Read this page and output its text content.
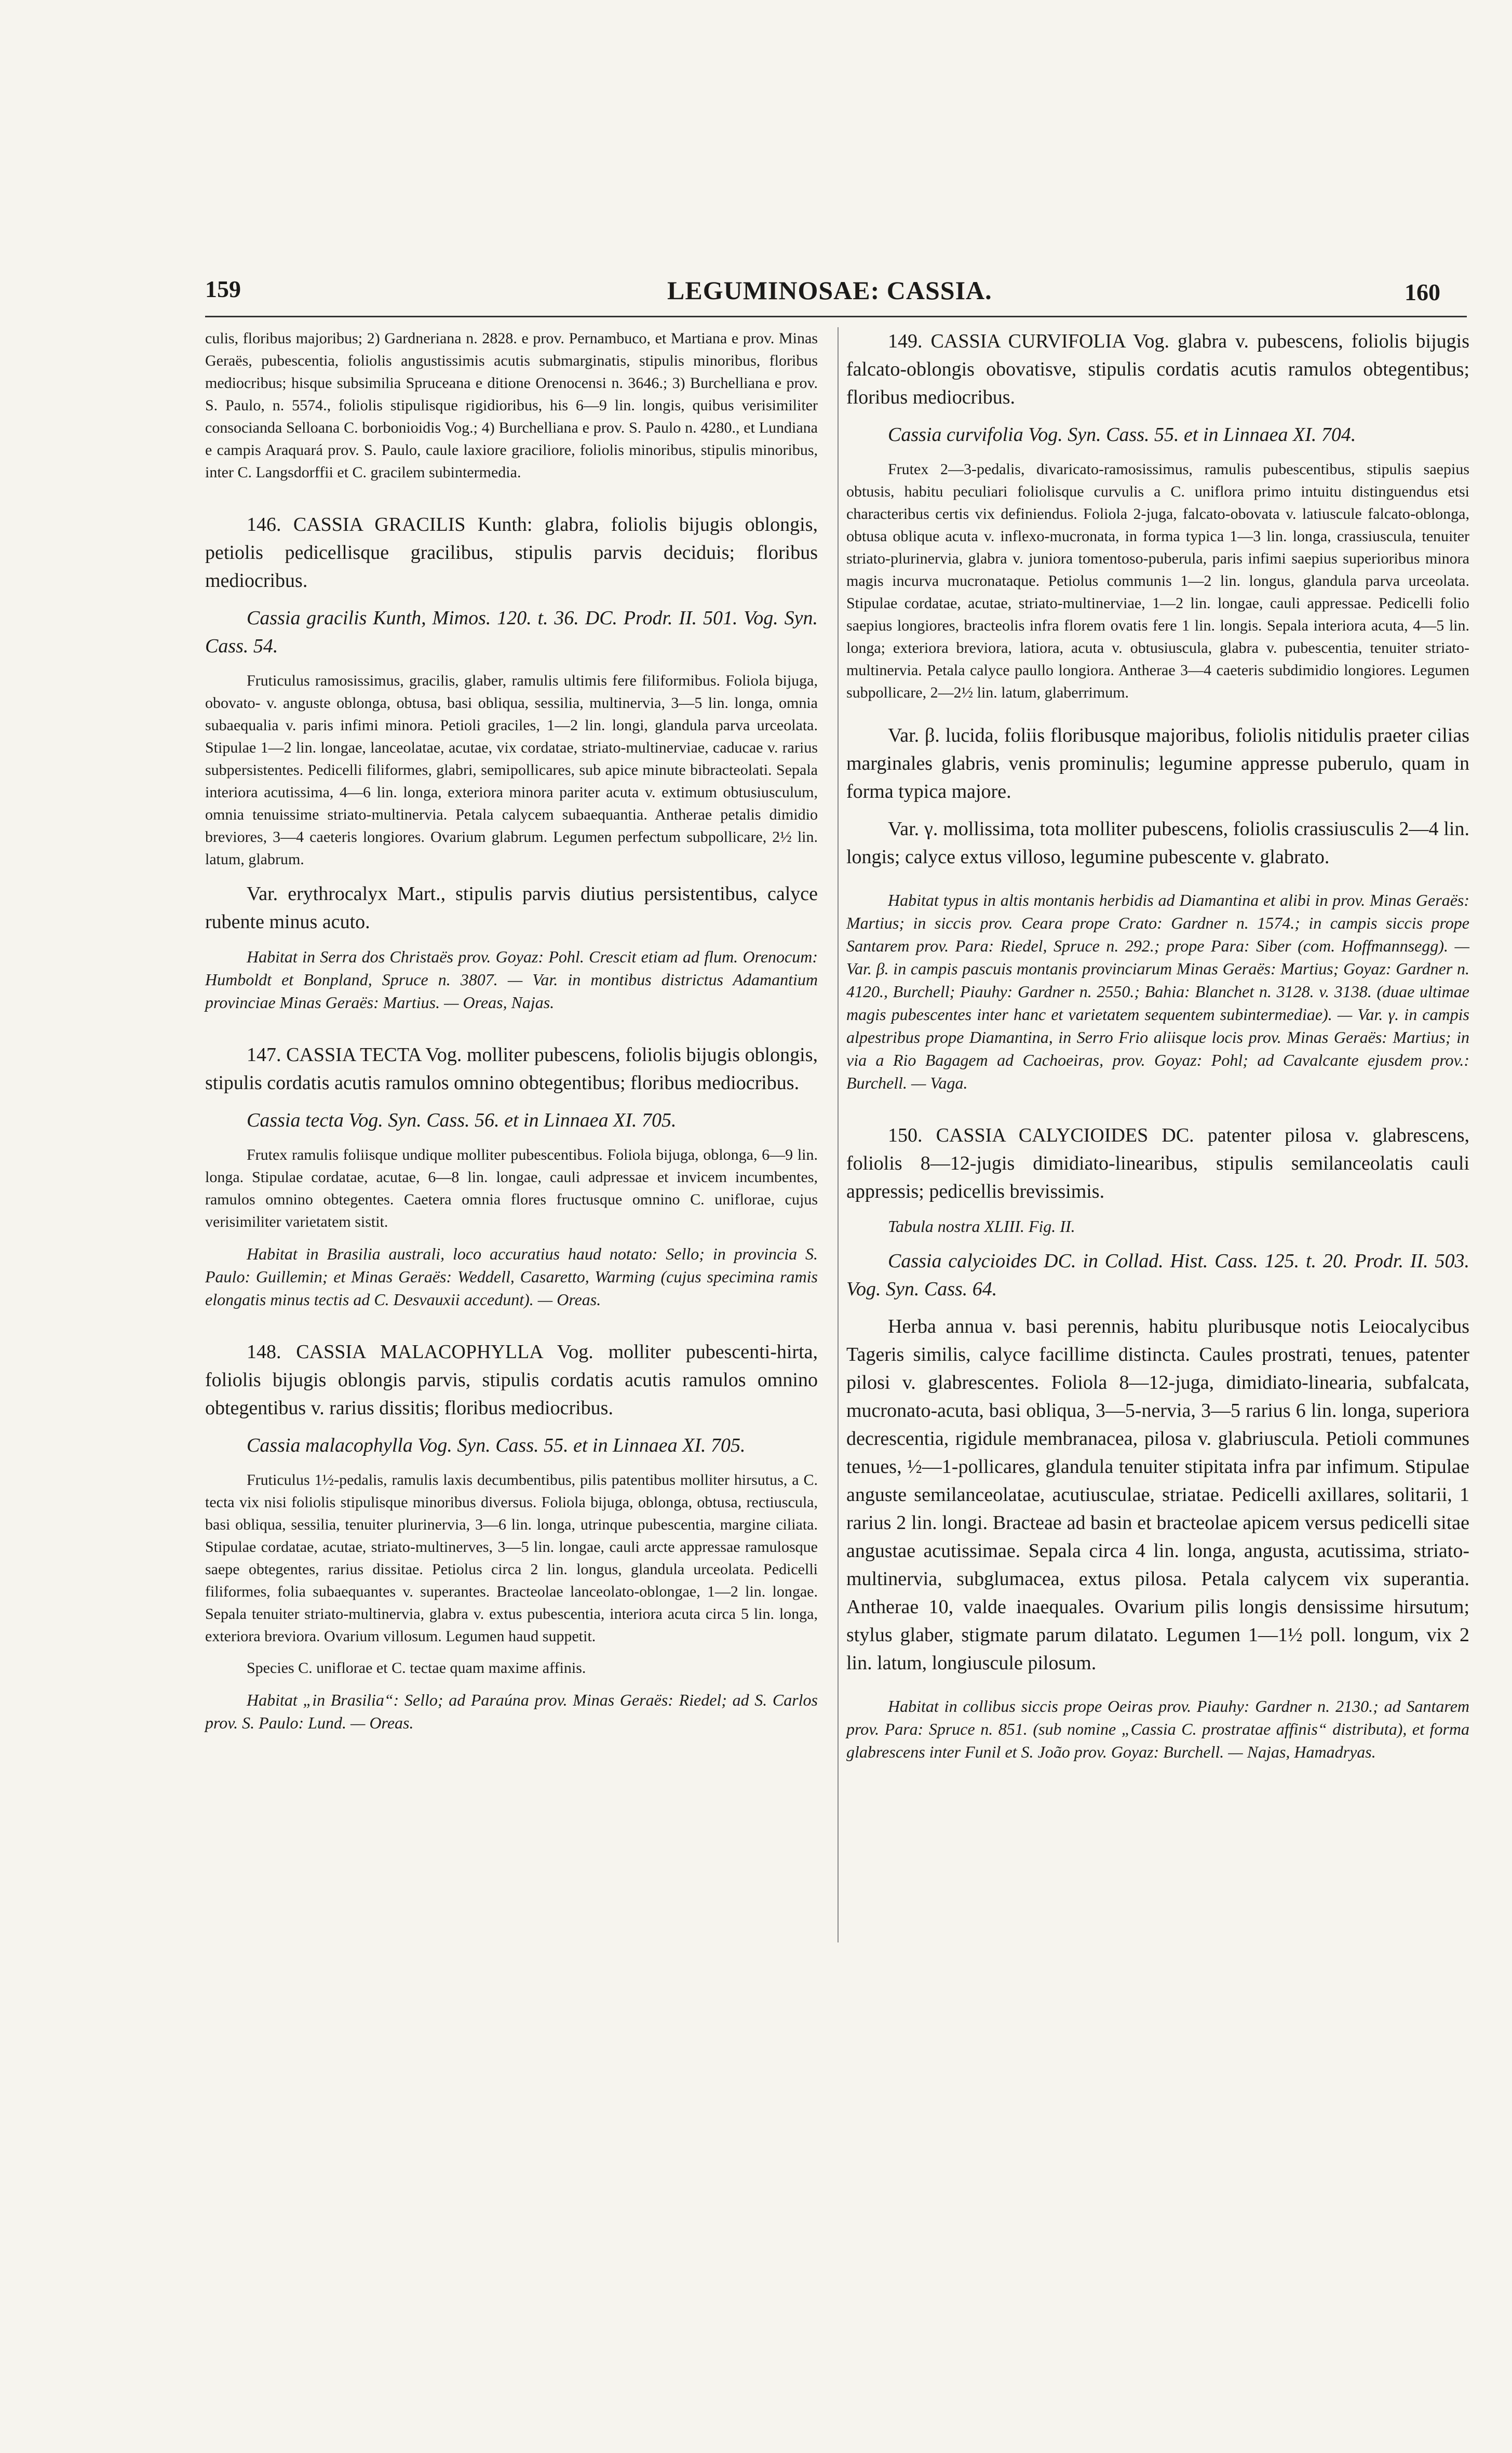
159	LEGUMINOSAE: CASSIA.	160

culis, floribus majoribus; 2) Gardneriana n. 2828. e prov. Pernambuco, et Martiana e prov. Minas Geraës, pubescentia, foliolis angustissimis acutis submarginatis, stipulis minoribus, floribus mediocribus; hisque subsimilia Spruceana e ditione Orenocensi n. 3646.; 3) Burchelliana e prov. S. Paulo, n. 5574., foliolis stipulisque rigidioribus, his 6—9 lin. longis, quibus verisimiliter consocianda Selloana C. borbonioidis Vog.; 4) Burchelliana e prov. S. Paulo n. 4280., et Lundiana e campis Araquará prov. S. Paulo, caule laxiore graciliore, foliolis minoribus, stipulis minoribus, inter C. Langsdorffii et C. gracilem subintermedia.

146. CASSIA GRACILIS Kunth: glabra, foliolis bijugis oblongis, petiolis pedicellisque gracilibus, stipulis parvis deciduis; floribus mediocribus.

Cassia gracilis Kunth, Mimos. 120. t. 36. DC. Prodr. II. 501. Vog. Syn. Cass. 54.

Fruticulus ramosissimus, gracilis, glaber, ramulis ultimis fere filiformibus. Foliola bijuga, obovato- v. anguste oblonga, obtusa, basi obliqua, sessilia, multinervia, 3—5 lin. longa, omnia subaequalia v. paris infimi minora. Petioli graciles, 1—2 lin. longi, glandula parva urceolata. Stipulae 1—2 lin. longae, lanceolatae, acutae, vix cordatae, striato-multinerviae, caducae v. rarius subpersistentes. Pedicelli filiformes, glabri, semipollicares, sub apice minute bibracteolati. Sepala interiora acutissima, 4—6 lin. longa, exteriora minora pariter acuta v. extimum obtusiusculum, omnia tenuissime striato-multinervia. Petala calycem subaequantia. Antherae petalis dimidio breviores, 3—4 caeteris longiores. Ovarium glabrum. Legumen perfectum subpollicare, 2½ lin. latum, glabrum.

Var. erythrocalyx Mart., stipulis parvis diutius persistentibus, calyce rubente minus acuto.

Habitat in Serra dos Christaës prov. Goyaz: Pohl. Crescit etiam ad flum. Orenocum: Humboldt et Bonpland, Spruce n. 3807. — Var. in montibus districtus Adamantium provinciae Minas Geraës: Martius. — Oreas, Najas.

147. CASSIA TECTA Vog. molliter pubescens, foliolis bijugis oblongis, stipulis cordatis acutis ramulos omnino obtegentibus; floribus mediocribus.

Cassia tecta Vog. Syn. Cass. 56. et in Linnaea XI. 705.

Frutex ramulis foliisque undique molliter pubescentibus. Foliola bijuga, oblonga, 6—9 lin. longa. Stipulae cordatae, acutae, 6—8 lin. longae, cauli adpressae et invicem incumbentes, ramulos omnino obtegentes. Caetera omnia flores fructusque omnino C. uniflorae, cujus verisimiliter varietatem sistit.

Habitat in Brasilia australi, loco accuratius haud notato: Sello; in provincia S. Paulo: Guillemin; et Minas Geraës: Weddell, Casaretto, Warming (cujus specimina ramis elongatis minus tectis ad C. Desvauxii accedunt). — Oreas.

148. CASSIA MALACOPHYLLA Vog. molliter pubescenti-hirta, foliolis bijugis oblongis parvis, stipulis cordatis acutis ramulos omnino obtegentibus v. rarius dissitis; floribus mediocribus.

Cassia malacophylla Vog. Syn. Cass. 55. et in Linnaea XI. 705.

Fruticulus 1½-pedalis, ramulis laxis decumbentibus, pilis patentibus molliter hirsutus, a C. tecta vix nisi foliolis stipulisque minoribus diversus. Foliola bijuga, oblonga, obtusa, rectiuscula, basi obliqua, sessilia, tenuiter plurinervia, 3—6 lin. longa, utrinque pubescentia, margine ciliata. Stipulae cordatae, acutae, striato-multinerves, 3—5 lin. longae, cauli arcte appressae ramulosque saepe obtegentes, rarius dissitae. Petiolus circa 2 lin. longus, glandula urceolata. Pedicelli filiformes, folia subaequantes v. superantes. Bracteolae lanceolato-oblongae, 1—2 lin. longae. Sepala tenuiter striato-multinervia, glabra v. extus pubescentia, interiora acuta circa 5 lin. longa, exteriora breviora. Ovarium villosum. Legumen haud suppetit.

Species C. uniflorae et C. tectae quam maxime affinis.

Habitat „in Brasilia“: Sello; ad Paraúna prov. Minas Geraës: Riedel; ad S. Carlos prov. S. Paulo: Lund. — Oreas.

149. CASSIA CURVIFOLIA Vog. glabra v. pubescens, foliolis bijugis falcato-oblongis obovatisve, stipulis cordatis acutis ramulos obtegentibus; floribus mediocribus.

Cassia curvifolia Vog. Syn. Cass. 55. et in Linnaea XI. 704.

Frutex 2—3-pedalis, divaricato-ramosissimus, ramulis pubescentibus, stipulis saepius obtusis, habitu peculiari foliolisque curvulis a C. uniflora primo intuitu distinguendus etsi characteribus certis vix definiendus. Foliola 2-juga, falcato-obovata v. latiuscule falcato-oblonga, obtusa oblique acuta v. inflexo-mucronata, in forma typica 1—3 lin. longa, crassiuscula, tenuiter striato-plurinervia, glabra v. juniora tomentoso-puberula, paris infimi saepius superioribus minora magis incurva mucronataque. Petiolus communis 1—2 lin. longus, glandula parva urceolata. Stipulae cordatae, acutae, striato-multinerviae, 1—2 lin. longae, cauli appressae. Pedicelli folio saepius longiores, bracteolis infra florem ovatis fere 1 lin. longis. Sepala interiora acuta, 4—5 lin. longa; exteriora breviora, latiora, acuta v. obtusiuscula, glabra v. pubescentia, tenuiter striato-multinervia. Petala calyce paullo longiora. Antherae 3—4 caeteris subdimidio longiores. Legumen subpollicare, 2—2½ lin. latum, glaberrimum.

Var. β. lucida, foliis floribusque majoribus, foliolis nitidulis praeter cilias marginales glabris, venis prominulis; legumine appresse puberulo, quam in forma typica majore.

Var. γ. mollissima, tota molliter pubescens, foliolis crassiusculis 2—4 lin. longis; calyce extus villoso, legumine pubescente v. glabrato.

Habitat typus in altis montanis herbidis ad Diamantina et alibi in prov. Minas Geraës: Martius; in siccis prov. Ceara prope Crato: Gardner n. 1574.; in campis siccis prope Santarem prov. Para: Riedel, Spruce n. 292.; prope Para: Siber (com. Hoffmannsegg). — Var. β. in campis pascuis montanis provinciarum Minas Geraës: Martius; Goyaz: Gardner n. 4120., Burchell; Piauhy: Gardner n. 2550.; Bahia: Blanchet n. 3128. v. 3138. (duae ultimae magis pubescentes inter hanc et varietatem sequentem subintermediae). — Var. γ. in campis alpestribus prope Diamantina, in Serro Frio aliisque locis prov. Minas Geraës: Martius; in via a Rio Bagagem ad Cachoeiras, prov. Goyaz: Pohl; ad Cavalcante ejusdem prov.: Burchell. — Vaga.

150. CASSIA CALYCIOIDES DC. patenter pilosa v. glabrescens, foliolis 8—12-jugis dimidiato-linearibus, stipulis semilanceolatis cauli appressis; pedicellis brevissimis.

Tabula nostra XLIII. Fig. II.

Cassia calycioides DC. in Collad. Hist. Cass. 125. t. 20. Prodr. II. 503. Vog. Syn. Cass. 64.

Herba annua v. basi perennis, habitu pluribusque notis Leiocalycibus Tageris similis, calyce facillime distincta. Caules prostrati, tenues, patenter pilosi v. glabrescentes. Foliola 8—12-juga, dimidiato-linearia, subfalcata, mucronato-acuta, basi obliqua, 3—5-nervia, 3—5 rarius 6 lin. longa, superiora decrescentia, rigidule membranacea, pilosa v. glabriuscula. Petioli communes tenues, ½—1-pollicares, glandula tenuiter stipitata infra par infimum. Stipulae anguste semilanceolatae, acutiusculae, striatae. Pedicelli axillares, solitarii, 1 rarius 2 lin. longi. Bracteae ad basin et bracteolae apicem versus pedicelli sitae angustae acutissimae. Sepala circa 4 lin. longa, angusta, acutissima, striato-multinervia, subglumacea, extus pilosa. Petala calycem vix superantia. Antherae 10, valde inaequales. Ovarium pilis longis densissime hirsutum; stylus glaber, stigmate parum dilatato. Legumen 1—1½ poll. longum, vix 2 lin. latum, longiuscule pilosum.

Habitat in collibus siccis prope Oeiras prov. Piauhy: Gardner n. 2130.; ad Santarem prov. Para: Spruce n. 851. (sub nomine „Cassia C. prostratae affinis“ distributa), et forma glabrescens inter Funil et S. João prov. Goyaz: Burchell. — Najas, Hamadryas.
